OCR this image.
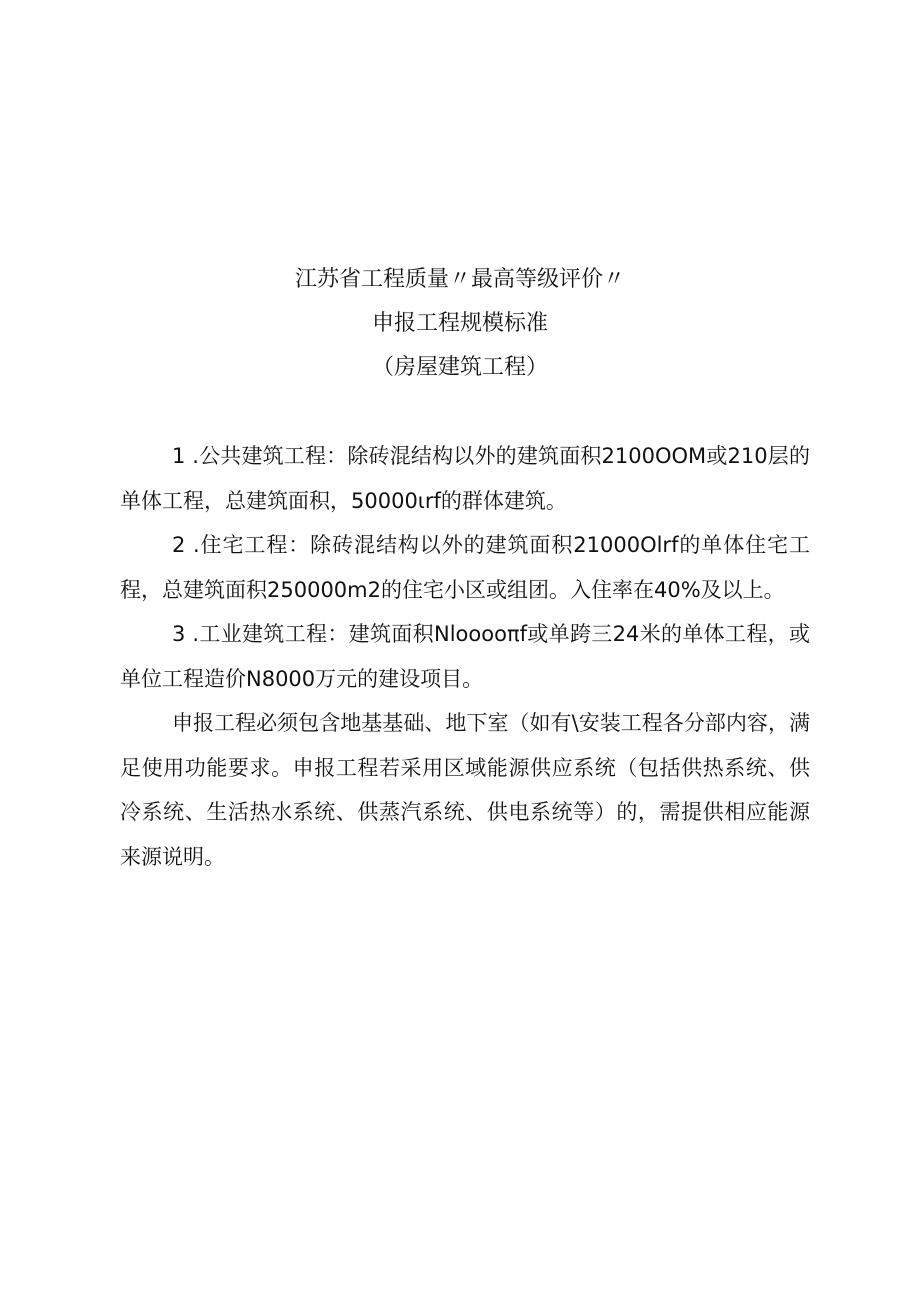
江苏省工程质量〃最高等级评价〃
申报工程规模标准
（房屋建筑工程）

1 .公共建筑工程：除砖混结构以外的建筑面积2100OOM或210层的单体工程，总建筑面积，50000ιrf的群体建筑。

2 .住宅工程：除砖混结构以外的建筑面积21000Olrf的单体住宅工程，总建筑面积250000m2的住宅小区或组团。入住率在40%及以上。

3 .工业建筑工程：建筑面积Nlooooπf或单跨三24米的单体工程，或单位工程造价N8000万元的建设项目。

申报工程必须包含地基基础、地下室（如有\安装工程各分部内容，满足使用功能要求。申报工程若采用区域能源供应系统（包括供热系统、供冷系统、生活热水系统、供蒸汽系统、供电系统等）的，需提供相应能源来源说明。
